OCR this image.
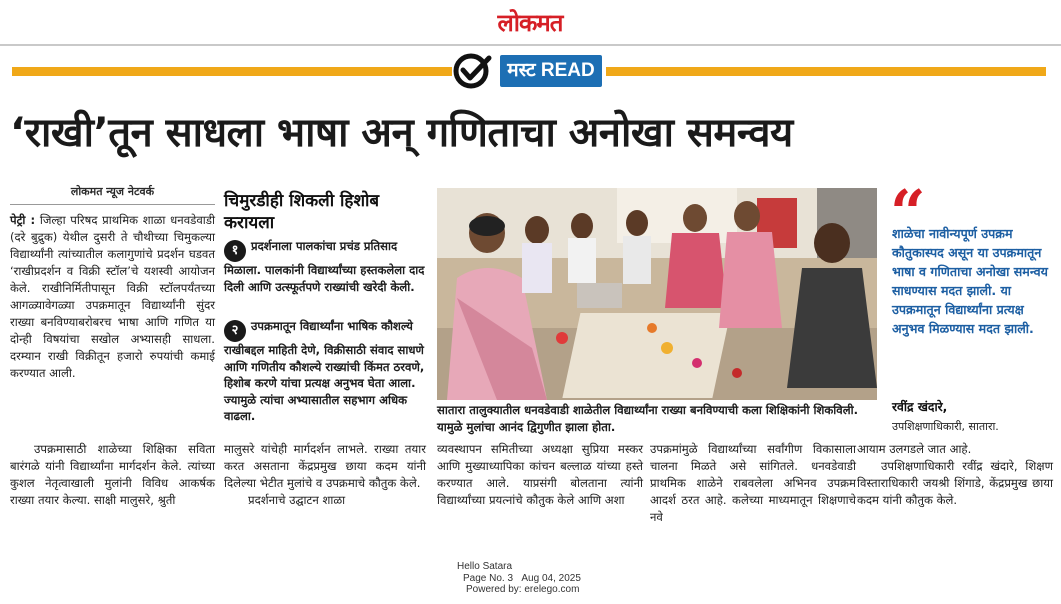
लोकमत
मस्ट READ
‘राखी’तून साधला भाषा अन् गणिताचा अनोखा समन्वय
लोकमत न्यूज नेटवर्क
पेट्री : जिल्हा परिषद प्राथमिक शाळा धनवडेवाडी (दरे बुद्रुक) येथील दुसरी ते चौथीच्या चिमुकल्या विद्यार्थ्यांनी त्यांच्यातील कलागुणांचे प्रदर्शन घडवत ‘राखीप्रदर्शन व विक्री स्टॉल’चे यशस्वी आयोजन केले. राखीनिर्मितीपासून विक्री स्टॉलपर्यंतच्या आगळ्यावेगळ्या उपक्रमातून विद्यार्थ्यांनी सुंदर राख्या बनविण्याबरोबरच भाषा आणि गणित या दोन्ही विषयांचा सखोल अभ्यासही साधला. दरम्यान राखी विक्रीतून हजारो रुपयांची कमाई करण्यात आली.
उपक्रमासाठी शाळेच्या शिक्षिका सविता बारंगळे यांनी विद्यार्थ्यांना मार्गदर्शन केले. त्यांच्या कुशल नेतृत्वाखाली मुलांनी विविध आकर्षक राख्या तयार केल्या. साक्षी मालुसरे, श्रुती
चिमुरडीही शिकली हिशोब करायला
१ प्रदर्शनाला पालकांचा प्रचंड प्रतिसाद मिळाला. पालकांनी विद्यार्थ्यांच्या हस्तकलेला दाद दिली आणि उत्स्फूर्तपणे राख्यांची खरेदी केली.
२ उपक्रमातून विद्यार्थ्यांना भाषिक कौशल्ये राखीबद्दल माहिती देणे, विक्रीसाठी संवाद साधणे आणि गणितीय कौशल्ये राख्यांची किंमत ठरवणे, हिशोब करणे यांचा प्रत्यक्ष अनुभव घेता आला. ज्यामुळे त्यांचा अभ्यासातील सहभाग अधिक वाढला.
मालुसरे यांचेही मार्गदर्शन लाभले. राख्या तयार करत असताना केंद्रप्रमुख छाया कदम यांनी दिलेल्या भेटीत मुलांचे व उपक्रमाचे कौतुक केले.
प्रदर्शनाचे उद्घाटन शाळा
सातारा तालुक्यातील धनवडेवाडी शाळेतील विद्यार्थ्यांना राख्या बनविण्याची कला शिक्षिकांनी शिकविली. यामुळे मुलांचा आनंद द्विगुणीत झाला होता.
व्यवस्थापन समितीच्या अध्यक्षा सुप्रिया मस्कर आणि मुख्याध्यापिका कांचन बल्लाळ यांच्या हस्ते करण्यात आले. याप्रसंगी बोलताना त्यांनी विद्यार्थ्यांच्या प्रयत्नांचे कौतुक केले आणि अशा
उपक्रमांमुळे विद्यार्थ्यांच्या सर्वांगीण विकासाला चालना मिळते असे सांगितले. धनवडेवाडी प्राथमिक शाळेने राबवलेला अभिनव उपक्रम आदर्श ठरत आहे. कलेच्या माध्यमातून शिक्षणाचे नवे
“
शाळेचा नावीन्यपूर्ण उपक्रम कौतुकास्पद असून या उपक्रमातून भाषा व गणिताचा अनोखा समन्वय साधण्यास मदत झाली. या उपक्रमातून विद्यार्थ्यांना प्रत्यक्ष अनुभव मिळण्यास मदत झाली.
रवींद्र खंदारे,
उपशिक्षणाधिकारी, सातारा.
आयाम उलगडले जात आहे.
उपशिक्षणाधिकारी रवींद्र खंदारे, शिक्षण विस्ताराधिकारी जयश्री शिंगाडे, केंद्रप्रमुख छाया कदम यांनी कौतुक केले.
Hello Satara
Page No. 3 Aug 04, 2025
Powered by: erelego.com
